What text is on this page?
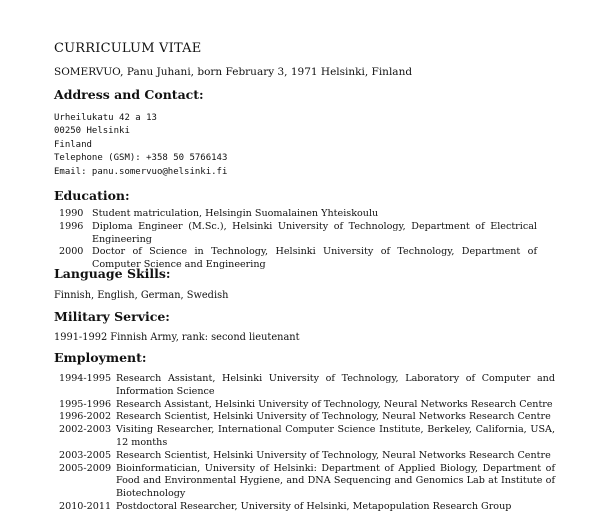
CURRICULUM VITAE
SOMERVUO, Panu Juhani, born February 3, 1971 Helsinki, Finland
Address and Contact:
Urheilukatu 42 a 13
00250 Helsinki
Finland
Telephone (GSM): +358 50 5766143
Email: panu.somervuo@helsinki.fi
Education:
1990 Student matriculation, Helsingin Suomalainen Yhteiskoulu
1996 Diploma Engineer (M.Sc.), Helsinki University of Technology, Department of Electrical Engineering
2000 Doctor of Science in Technology, Helsinki University of Technology, Department of Computer Science and Engineering
Language Skills:
Finnish, English, German, Swedish
Military Service:
1991-1992 Finnish Army, rank: second lieutenant
Employment:
1994-1995 Research Assistant, Helsinki University of Technology, Laboratory of Computer and Information Science
1995-1996 Research Assistant, Helsinki University of Technology, Neural Networks Research Centre
1996-2002 Research Scientist, Helsinki University of Technology, Neural Networks Research Centre
2002-2003 Visiting Researcher, International Computer Science Institute, Berkeley, California, USA, 12 months
2003-2005 Research Scientist, Helsinki University of Technology, Neural Networks Research Centre
2005-2009 Bioinformatician, University of Helsinki: Department of Applied Biology, Department of Food and Environmental Hygiene, and DNA Sequencing and Genomics Lab at Institute of Biotechnology
2010-2011 Postdoctoral Researcher, University of Helsinki, Metapopulation Research Group
